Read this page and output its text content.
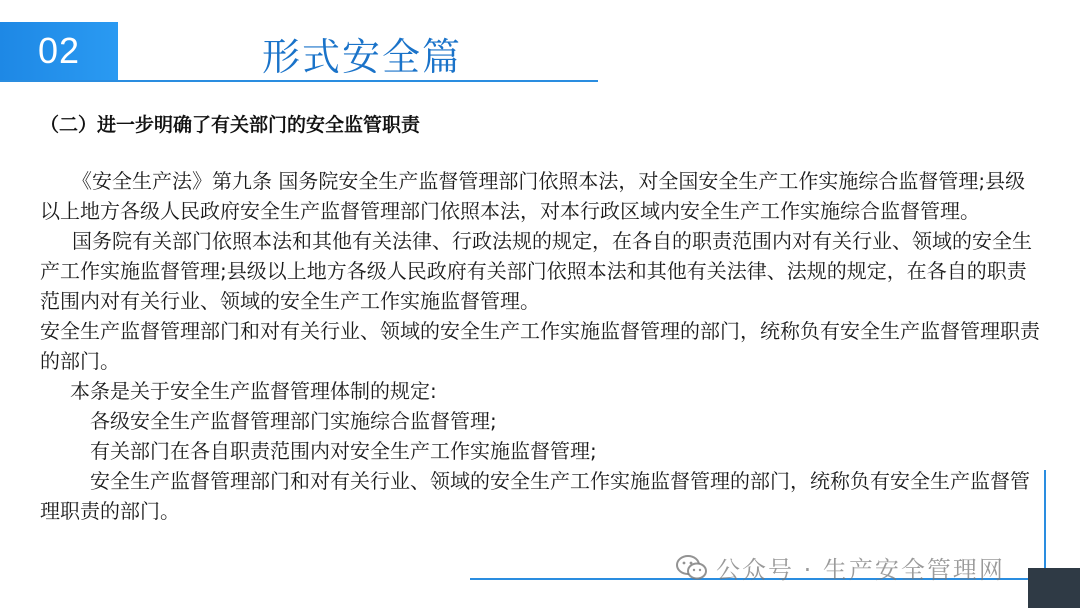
02	形式安全篇
（二）进一步明确了有关部门的安全监管职责

《安全生产法》第九条 国务院安全生产监督管理部门依照本法，对全国安全生产工作实施综合监督管理;县级以上地方各级人民政府安全生产监督管理部门依照本法，对本行政区域内安全生产工作实施综合监督管理。

国务院有关部门依照本法和其他有关法律、行政法规的规定，在各自的职责范围内对有关行业、领域的安全生产工作实施监督管理;县级以上地方各级人民政府有关部门依照本法和其他有关法律、法规的规定，在各自的职责范围内对有关行业、领域的安全生产工作实施监督管理。

安全生产监督管理部门和对有关行业、领域的安全生产工作实施监督管理的部门，统称负有安全生产监督管理职责的部门。

本条是关于安全生产监督管理体制的规定:

各级安全生产监督管理部门实施综合监督管理;

有关部门在各自职责范围内对安全生产工作实施监督管理;

安全生产监督管理部门和对有关行业、领域的安全生产工作实施监督管理的部门，统称负有安全生产监督管理职责的部门。

公众号 · 生产安全管理网
